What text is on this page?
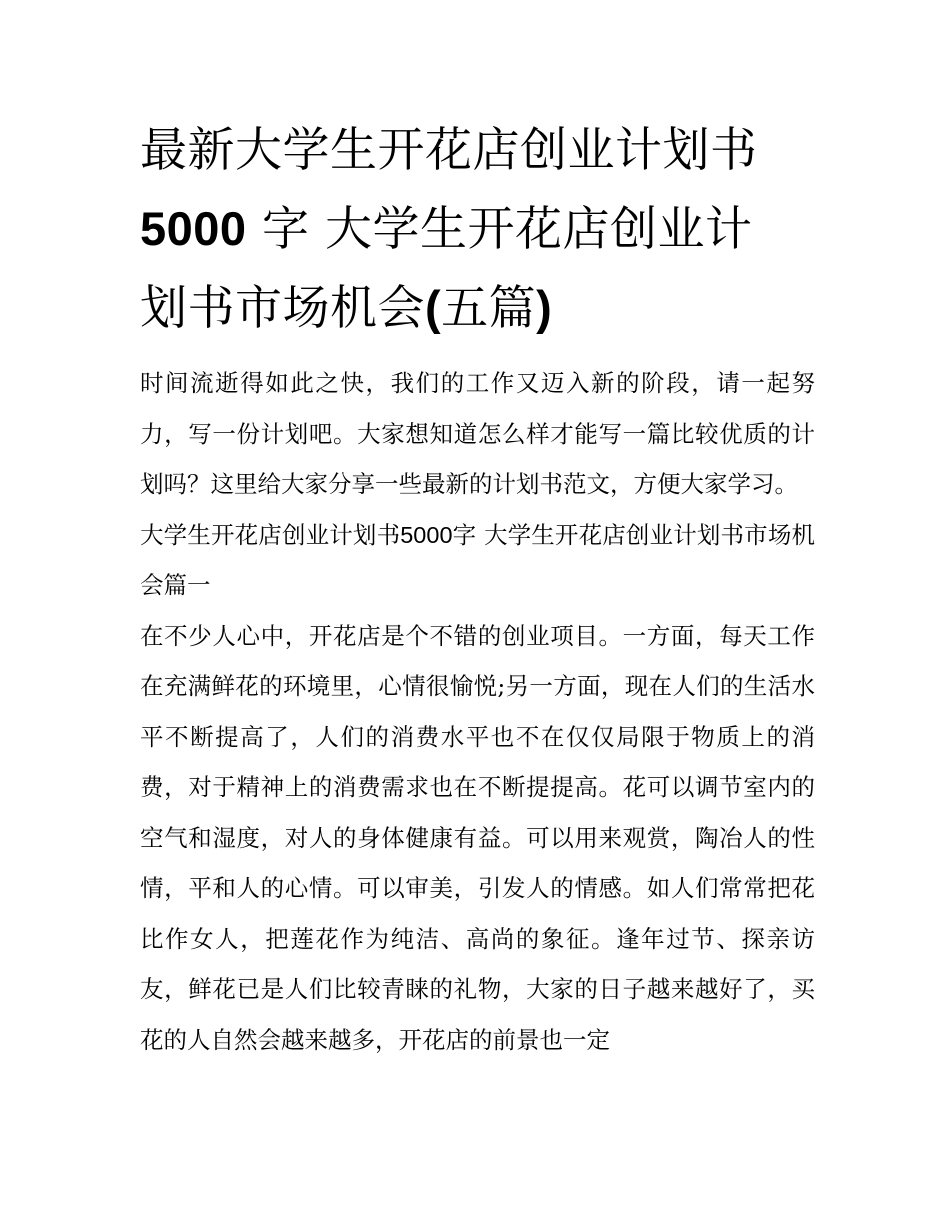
最新大学生开花店创业计划书
5000 字 大学生开花店创业计
划书市场机会(五篇)

时间流逝得如此之快，我们的工作又迈入新的阶段，请一起努力，写一份计划吧。大家想知道怎么样才能写一篇比较优质的计划吗？这里给大家分享一些最新的计划书范文，方便大家学习。

大学生开花店创业计划书5000字 大学生开花店创业计划书市场机会篇一

在不少人心中，开花店是个不错的创业项目。一方面，每天工作在充满鲜花的环境里，心情很愉悦;另一方面，现在人们的生活水平不断提高了，人们的消费水平也不在仅仅局限于物质上的消费，对于精神上的消费需求也在不断提提高。花可以调节室内的空气和湿度，对人的身体健康有益。可以用来观赏，陶冶人的性情，平和人的心情。可以审美，引发人的情感。如人们常常把花比作女人，把莲花作为纯洁、高尚的象征。逢年过节、探亲访友，鲜花已是人们比较青睐的礼物，大家的日子越来越好了，买花的人自然会越来越多，开花店的前景也一定
